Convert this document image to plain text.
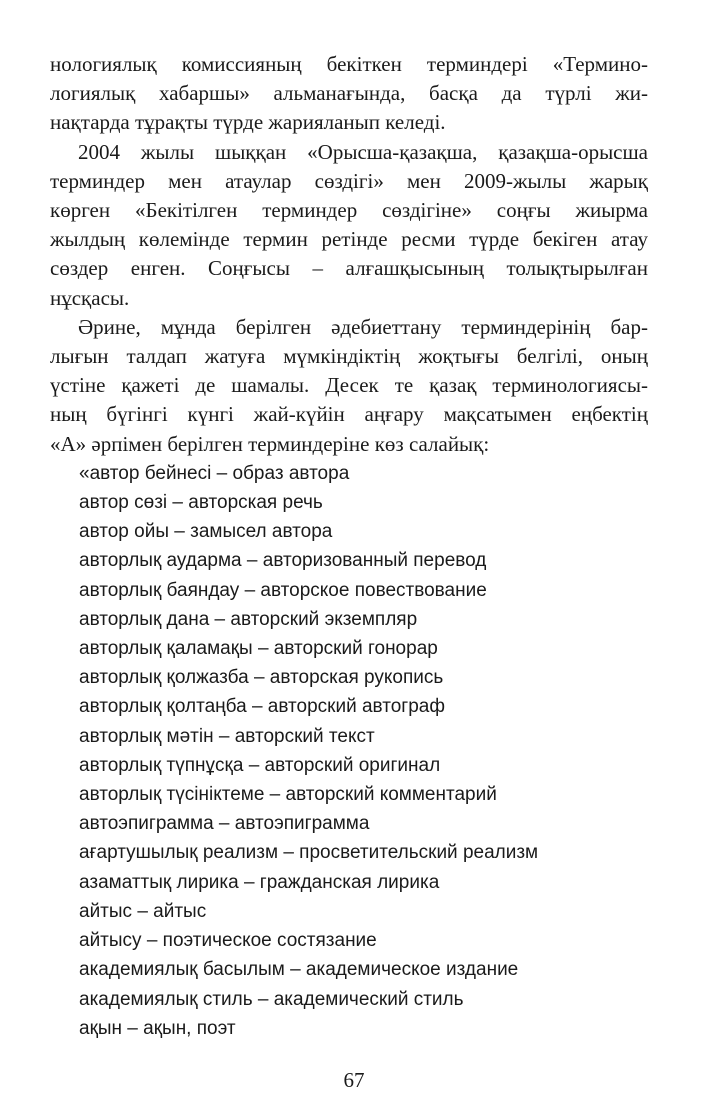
нологиялық комиссияның бекіткен терминдері «Термино-
логиялық хабаршы» альманағында, басқа да түрлі жи-
нақтарда тұрақты түрде жарияланып келеді.
2004 жылы шыққан «Орысша-қазақша, қазақша-орысша
терминдер мен атаулар сөздігі» мен 2009-жылы жарық
көрген «Бекітілген терминдер сөздігіне» соңғы жиырма
жылдың көлемінде термин ретінде ресми түрде бекіген атау
сөздер енген. Соңғысы – алғашқысының толықтырылған
нұсқасы.
Әрине, мұнда берілген әдебиеттану терминдерінің бар-
лығын талдап жатуға мүмкіндіктің жоқтығы белгілі, оның
үстіне қажеті де шамалы. Десек те қазақ терминологиясы-
ның бүгінгі күнгі жай-күйін аңғару мақсатымен еңбектің
«А» әрпімен берілген терминдеріне көз салайық:
«автор бейнесі – образ автора
автор сөзі – авторская речь
автор ойы – замысел автора
авторлық аударма – авторизованный перевод
авторлық баяндау – авторское повествование
авторлық дана – авторский экземпляр
авторлық қаламақы – авторский гонорар
авторлық қолжазба – авторская рукопись
авторлық қолтаңба – авторский автограф
авторлық мәтін – авторский текст
авторлық түпнұсқа – авторский оригинал
авторлық түсініктеме – авторский комментарий
автоэпиграмма – автоэпиграмма
ағартушылық реализм – просветительский реализм
азаматтық лирика – гражданская лирика
айтыс – айтыс
айтысу – поэтическое состязание
академиялық басылым – академическое издание
академиялық стиль – академический стиль
ақын – ақын, поэт
67
